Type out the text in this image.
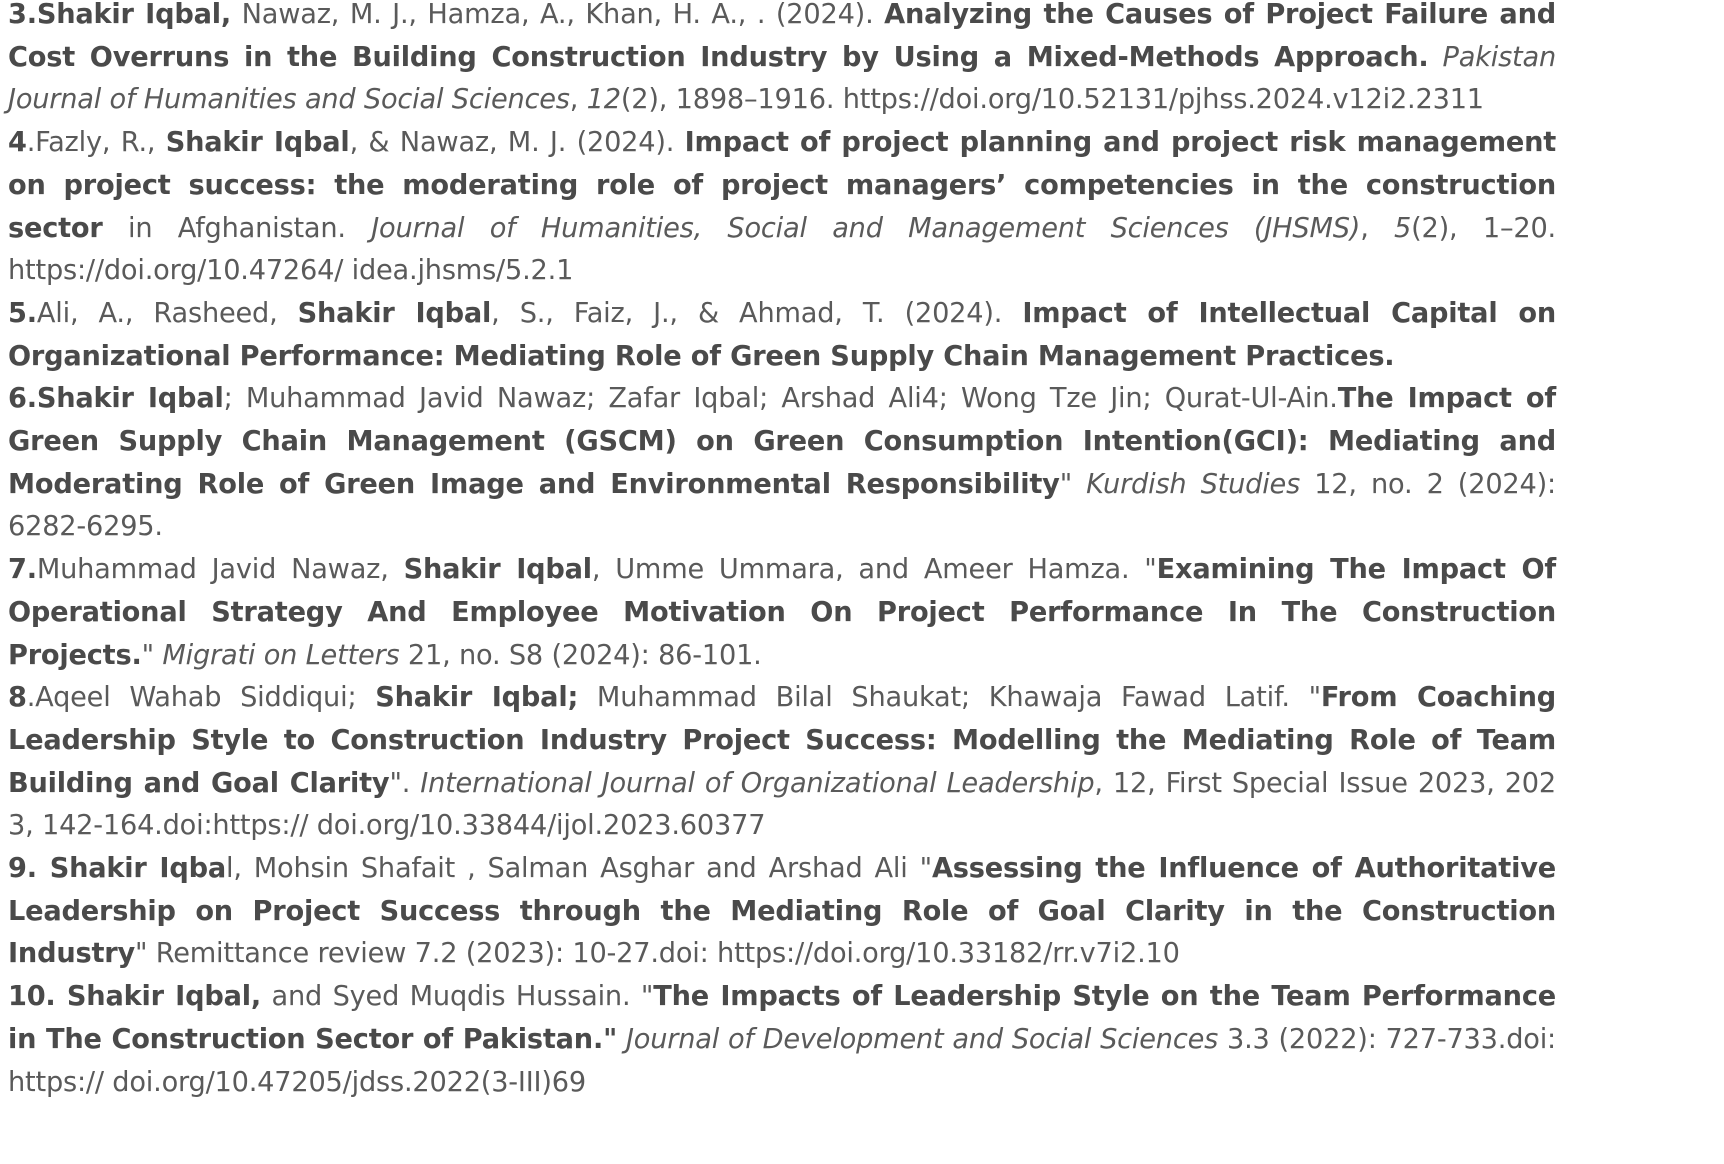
3.Shakir Iqbal, Nawaz, M. J., Hamza, A., Khan, H. A., . (2024). Analyzing the Causes of Project Failure and Cost Overruns in the Building Construction Industry by Using a Mixed-Methods Approach. Pakistan Journal of Humanities and Social Sciences, 12(2), 1898–1916. https://doi.org/10.52131/pjhss.2024.v12i2.2311

4.Fazly, R., Shakir Iqbal, & Nawaz, M. J. (2024). Impact of project planning and project risk management on project success: the moderating role of project managers’ competencies in the construction sector in Afghanistan. Journal of Humanities, Social and Management Sciences (JHSMS), 5(2), 1–20. https://doi.org/10.47264/ idea.jhsms/5.2.1

5.Ali, A., Rasheed, Shakir Iqbal, S., Faiz, J., & Ahmad, T. (2024). Impact of Intellectual Capital on Organizational Performance: Mediating Role of Green Supply Chain Management Practices.

6.Shakir Iqbal; Muhammad Javid Nawaz; Zafar Iqbal; Arshad Ali4; Wong Tze Jin; Qurat-Ul-Ain.The Impact of Green Supply Chain Management (GSCM) on Green Consumption Intention(GCI): Mediating and Moderating Role of Green Image and Environmental Responsibility" Kurdish Studies 12, no. 2 (2024): 6282-6295.

7.Muhammad Javid Nawaz, Shakir Iqbal, Umme Ummara, and Ameer Hamza. "Examining The Impact Of Operational Strategy And Employee Motivation On Project Performance In The Construction Projects." Migrati on Letters 21, no. S8 (2024): 86-101.

8.Aqeel Wahab Siddiqui; Shakir Iqbal; Muhammad Bilal Shaukat; Khawaja Fawad Latif. "From Coaching Leadership Style to Construction Industry Project Success: Modelling the Mediating Role of Team Building and Goal Clarity". International Journal of Organizational Leadership, 12, First Special Issue 2023, 2023, 142-164.doi:https:// doi.org/10.33844/ijol.2023.60377

9. Shakir Iqbal, Mohsin Shafait , Salman Asghar and Arshad Ali "Assessing the Influence of Authoritative Leadership on Project Success through the Mediating Role of Goal Clarity in the Construction Industry" Remittance review 7.2 (2023): 10-27.doi: https://doi.org/10.33182/rr.v7i2.10

10. Shakir Iqbal, and Syed Muqdis Hussain. "The Impacts of Leadership Style on the Team Performance in The Construction Sector of Pakistan." Journal of Development and Social Sciences 3.3 (2022): 727-733.doi: https:// doi.org/10.47205/jdss.2022(3-III)69
